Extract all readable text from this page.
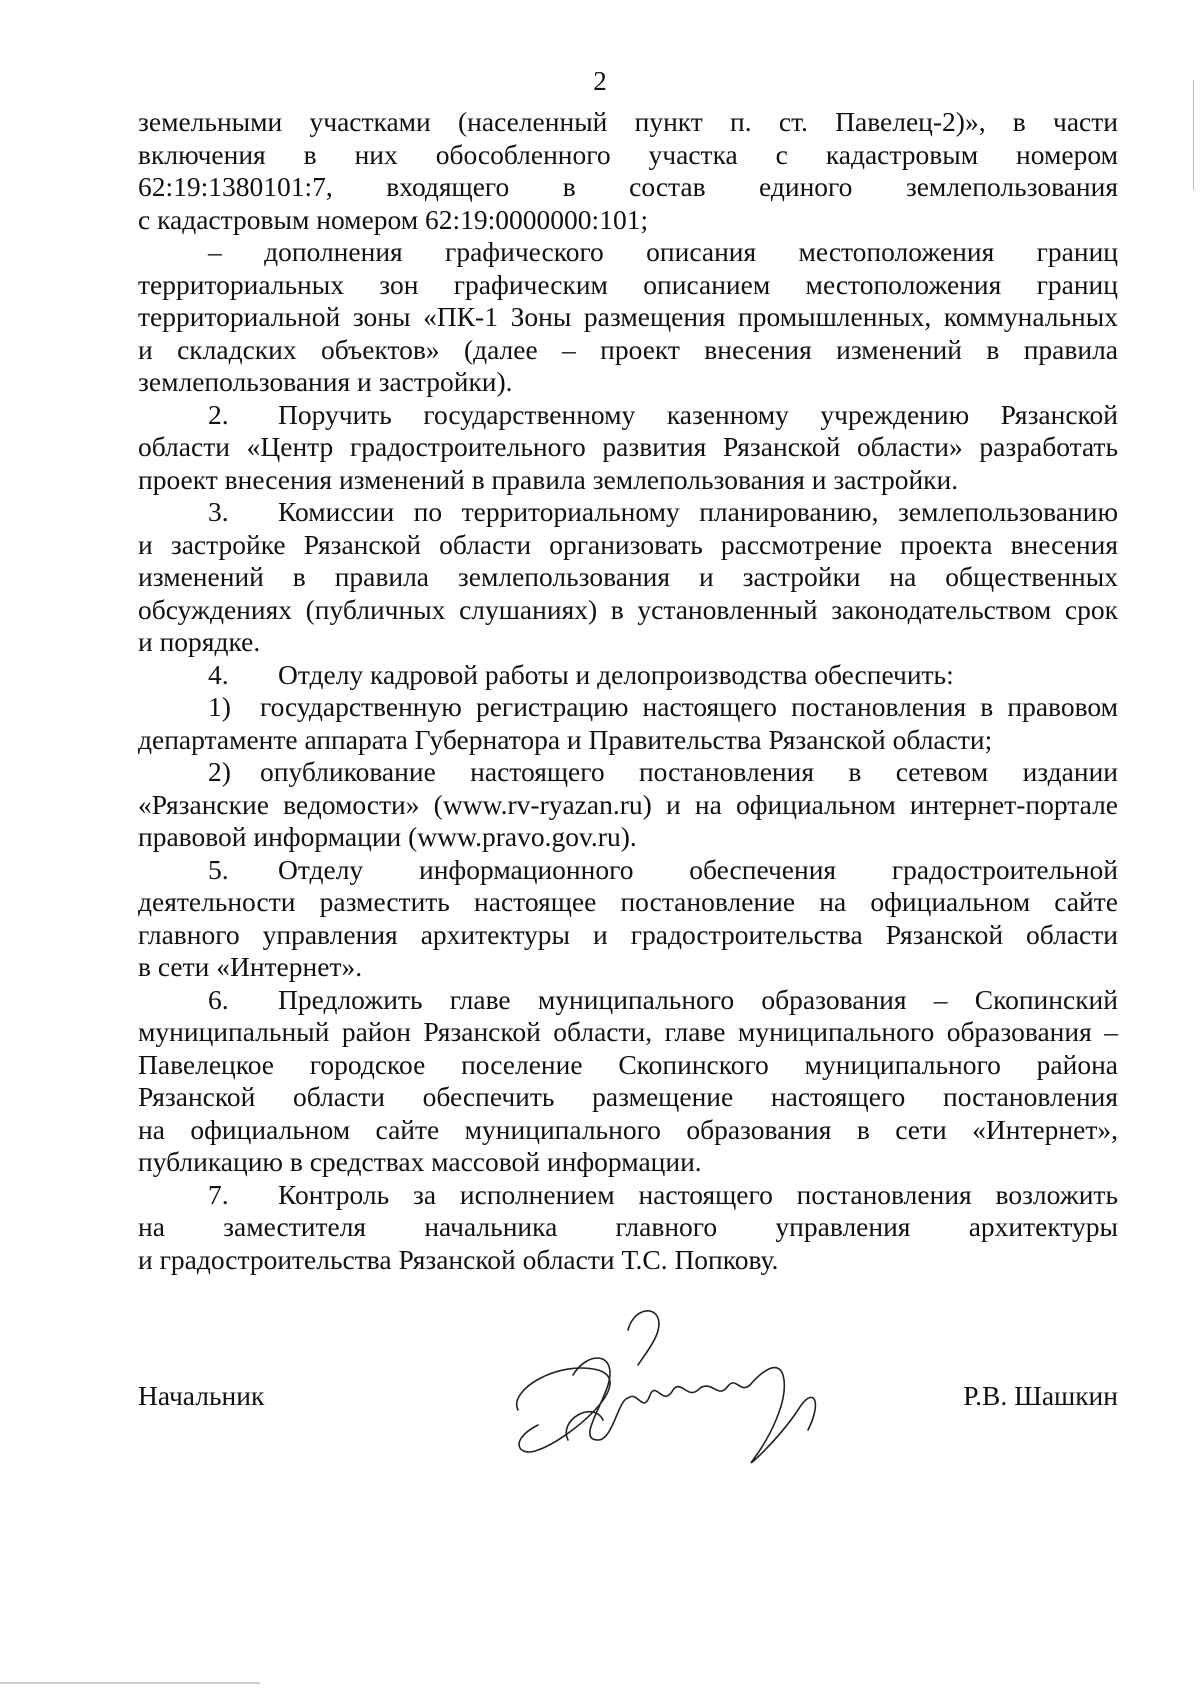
2

земельными участками (населенный пункт п. ст. Павелец-2)», в части

включения в них обособленного участка с кадастровым номером

62:19:1380101:7, входящего в состав единого землепользования

с кадастровым номером 62:19:0000000:101;

– дополнения графического описания местоположения границ

территориальных зон графическим описанием местоположения границ

территориальной зоны «ПК-1 Зоны размещения промышленных, коммунальных

и складских объектов» (далее – проект внесения изменений в правила

землепользования и застройки).

2. Поручить государственному казенному учреждению Рязанской

области «Центр градостроительного развития Рязанской области» разработать

проект внесения изменений в правила землепользования и застройки.

3. Комиссии по территориальному планированию, землепользованию

и застройке Рязанской области организовать рассмотрение проекта внесения

изменений в правила землепользования и застройки на общественных

обсуждениях (публичных слушаниях) в установленный законодательством срок

и порядке.

4. Отделу кадровой работы и делопроизводства обеспечить:

1) государственную регистрацию настоящего постановления в правовом

департаменте аппарата Губернатора и Правительства Рязанской области;

2) опубликование настоящего постановления в сетевом издании

«Рязанские ведомости» (www.rv-ryazan.ru) и на официальном интернет-портале

правовой информации (www.pravo.gov.ru).

5. Отделу информационного обеспечения градостроительной

деятельности разместить настоящее постановление на официальном сайте

главного управления архитектуры и градостроительства Рязанской области

в сети «Интернет».

6. Предложить главе муниципального образования – Скопинский

муниципальный район Рязанской области, главе муниципального образования –

Павелецкое городское поселение Скопинского муниципального района

Рязанской области обеспечить размещение настоящего постановления

на официальном сайте муниципального образования в сети «Интернет»,

публикацию в средствах массовой информации.

7. Контроль за исполнением настоящего постановления возложить

на заместителя начальника главного управления архитектуры

и градостроительства Рязанской области Т.С. Попкову.

Начальник	Р.В. Шашкин
